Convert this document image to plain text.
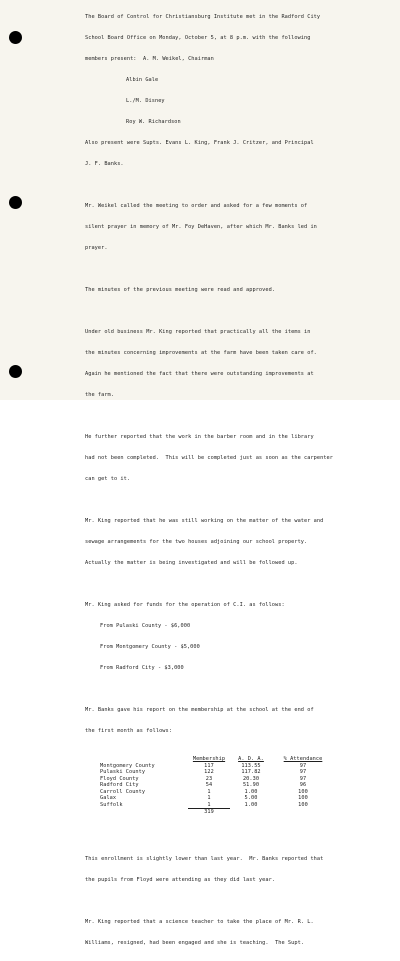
The Board of Control for Christiansburg Institute met in the Radford City

School Board Office on Monday, October 5, at 8 p.m. with the following

members present: A. M. Weikel, Chairman

Albin Gale

L./M. Disney

Roy W. Richardson

Also present were Supts. Evans L. King, Frank J. Critzer, and Principal

J. F. Banks.

Mr. Weikel called the meeting to order and asked for a few moments of

silent prayer in memory of Mr. Foy DeHaven, after which Mr. Banks led in

prayer.

The minutes of the previous meeting were read and approved.

Under old business Mr. King reported that practically all the items in

the minutes concerning improvements at the farm have been taken care of.

Again he mentioned the fact that there were outstanding improvements at

the farm.

He further reported that the work in the barber room and in the library

had not been completed.  This will be completed just as soon as the carpenter

can get to it.

Mr. King reported that he was still working on the matter of the water and

sewage arrangements for the two houses adjoining our school property.

Actually the matter is being investigated and will be followed up.

Mr. King asked for funds for the operation of C.I. as follows:

From Pulaski County - $6,000

From Montgomery County - $5,000

From Radford City - $3,000

Mr. Banks gave his report on the membership at the school at the end of

the first month as follows:

	Membership	A. D. A.	% Attendance
Montgomery County	117	113.55	97
Pulaski County	122	117.82	97
Floyd County	23	20.30	97
Radford City	54	51.90	96
Carroll County	1	1.00	100
Galax	1	5.00	100
Suffolk	1	1.00	100
	319		

This enrollment is slightly lower than last year.  Mr. Banks reported that

the pupils from Floyd were attending as they did last year.

Mr. King reported that a science teacher to take the place of Mr. R. L.

Williams, resigned, had been engaged and she is teaching.  The Supt.
